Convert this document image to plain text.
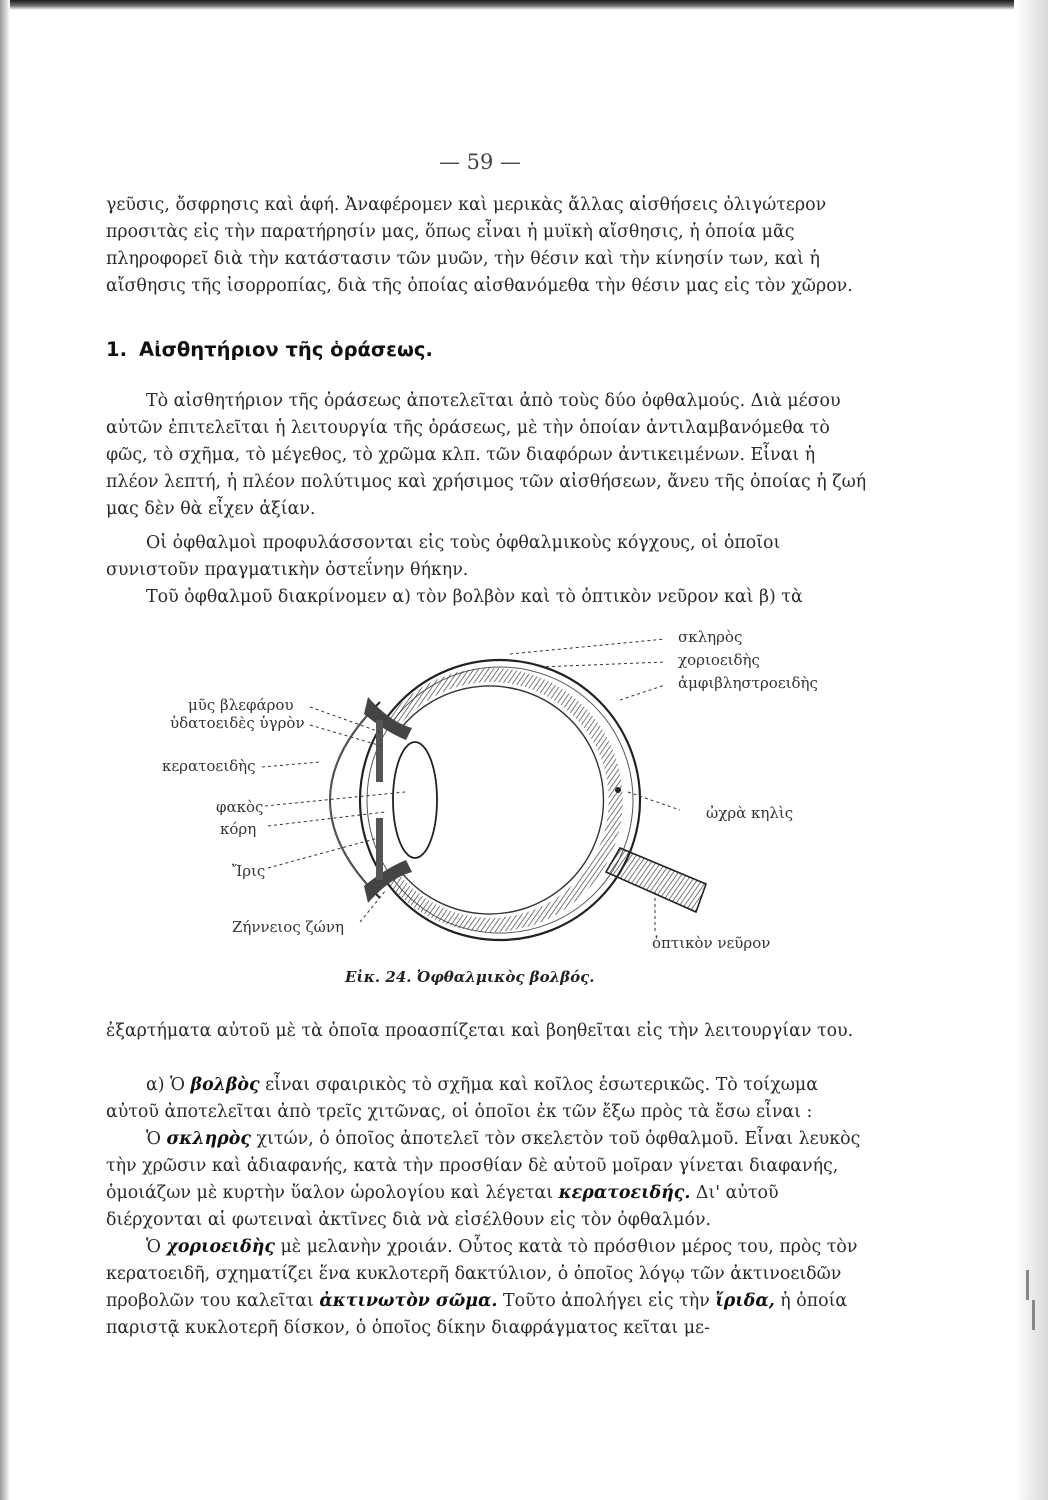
— 59 —

γεῦσις, ὄσφρησις καὶ ἁφή. Ἀναφέρομεν καὶ μερικὰς ἄλλας αἰσθήσεις ὀλιγώτερον προσιτὰς εἰς τὴν παρατήρησίν μας, ὅπως εἶναι ἡ μυϊκὴ αἴσθησις, ἡ ὁποία μᾶς πληροφορεῖ διὰ τὴν κατάστασιν τῶν μυῶν, τὴν θέσιν καὶ τὴν κίνησίν των, καὶ ἡ αἴσθησις τῆς ἰσορροπίας, διὰ τῆς ὁποίας αἰσθανόμεθα τὴν θέσιν μας εἰς τὸν χῶρον.

1. Αἰσθητήριον τῆς ὁράσεως.

Τὸ αἰσθητήριον τῆς ὁράσεως ἀποτελεῖται ἀπὸ τοὺς δύο ὀφθαλμούς. Διὰ μέσου αὐτῶν ἐπιτελεῖται ἡ λειτουργία τῆς ὁράσεως, μὲ τὴν ὁποίαν ἀντιλαμβανόμεθα τὸ φῶς, τὸ σχῆμα, τὸ μέγεθος, τὸ χρῶμα κλπ. τῶν διαφόρων ἀντικειμένων. Εἶναι ἡ πλέον λεπτή, ἡ πλέον πολύτιμος καὶ χρήσιμος τῶν αἰσθήσεων, ἄνευ τῆς ὁποίας ἡ ζωή μας δὲν θὰ εἶχεν ἀξίαν.

Οἱ ὀφθαλμοὶ προφυλάσσονται εἰς τοὺς ὀφθαλμικοὺς κόγχους, οἱ ὁποῖοι συνιστοῦν πραγματικὴν ὀστεΐνην θήκην.

Τοῦ ὀφθαλμοῦ διακρίνομεν α) τὸν βολβὸν καὶ τὸ ὀπτικὸν νεῦρον καὶ β) τὰ

σκληρὸς
χοριοειδὴς
ἀμφιβληστροειδὴς
μῦς βλεφάρου
ὑδατοειδὲς ὑγρὸν
κερατοειδὴς
φακὸς
κόρη
Ἴρις
Ζήννειος ζώνη
ὠχρὰ κηλὶς
ὀπτικὸν νεῦρον
Εἰκ. 24. Ὀφθαλμικὸς βολβός.

ἐξαρτήματα αὐτοῦ μὲ τὰ ὁποῖα προασπίζεται καὶ βοηθεῖται εἰς τὴν λειτουργίαν του.

α) Ὁ βολβὸς εἶναι σφαιρικὸς τὸ σχῆμα καὶ κοῖλος ἐσωτερικῶς. Τὸ τοίχωμα αὐτοῦ ἀποτελεῖται ἀπὸ τρεῖς χιτῶνας, οἱ ὁποῖοι ἐκ τῶν ἔξω πρὸς τὰ ἔσω εἶναι :

Ὁ σκληρὸς χιτών, ὁ ὁποῖος ἀποτελεῖ τὸν σκελετὸν τοῦ ὀφθαλμοῦ. Εἶναι λευκὸς τὴν χρῶσιν καὶ ἀδιαφανής, κατὰ τὴν προσθίαν δὲ αὐτοῦ μοῖραν γίνεται διαφανής, ὁμοιάζων μὲ κυρτὴν ὕαλον ὡρολογίου καὶ λέγεται κερατοειδής. Δι' αὐτοῦ διέρχονται αἱ φωτειναὶ ἀκτῖνες διὰ νὰ εἰσέλθουν εἰς τὸν ὀφθαλμόν.

Ὁ χοριοειδὴς μὲ μελανὴν χροιάν. Οὗτος κατὰ τὸ πρόσθιον μέρος του, πρὸς τὸν κερατοειδῆ, σχηματίζει ἕνα κυκλοτερῆ δακτύλιον, ὁ ὁποῖος λόγῳ τῶν ἀκτινοειδῶν προβολῶν του καλεῖται ἀκτινωτὸν σῶμα. Τοῦτο ἀπολήγει εἰς τὴν ἴριδα, ἡ ὁποία παριστᾷ κυκλοτερῆ δίσκον, ὁ ὁποῖος δίκην διαφράγματος κεῖται με-
